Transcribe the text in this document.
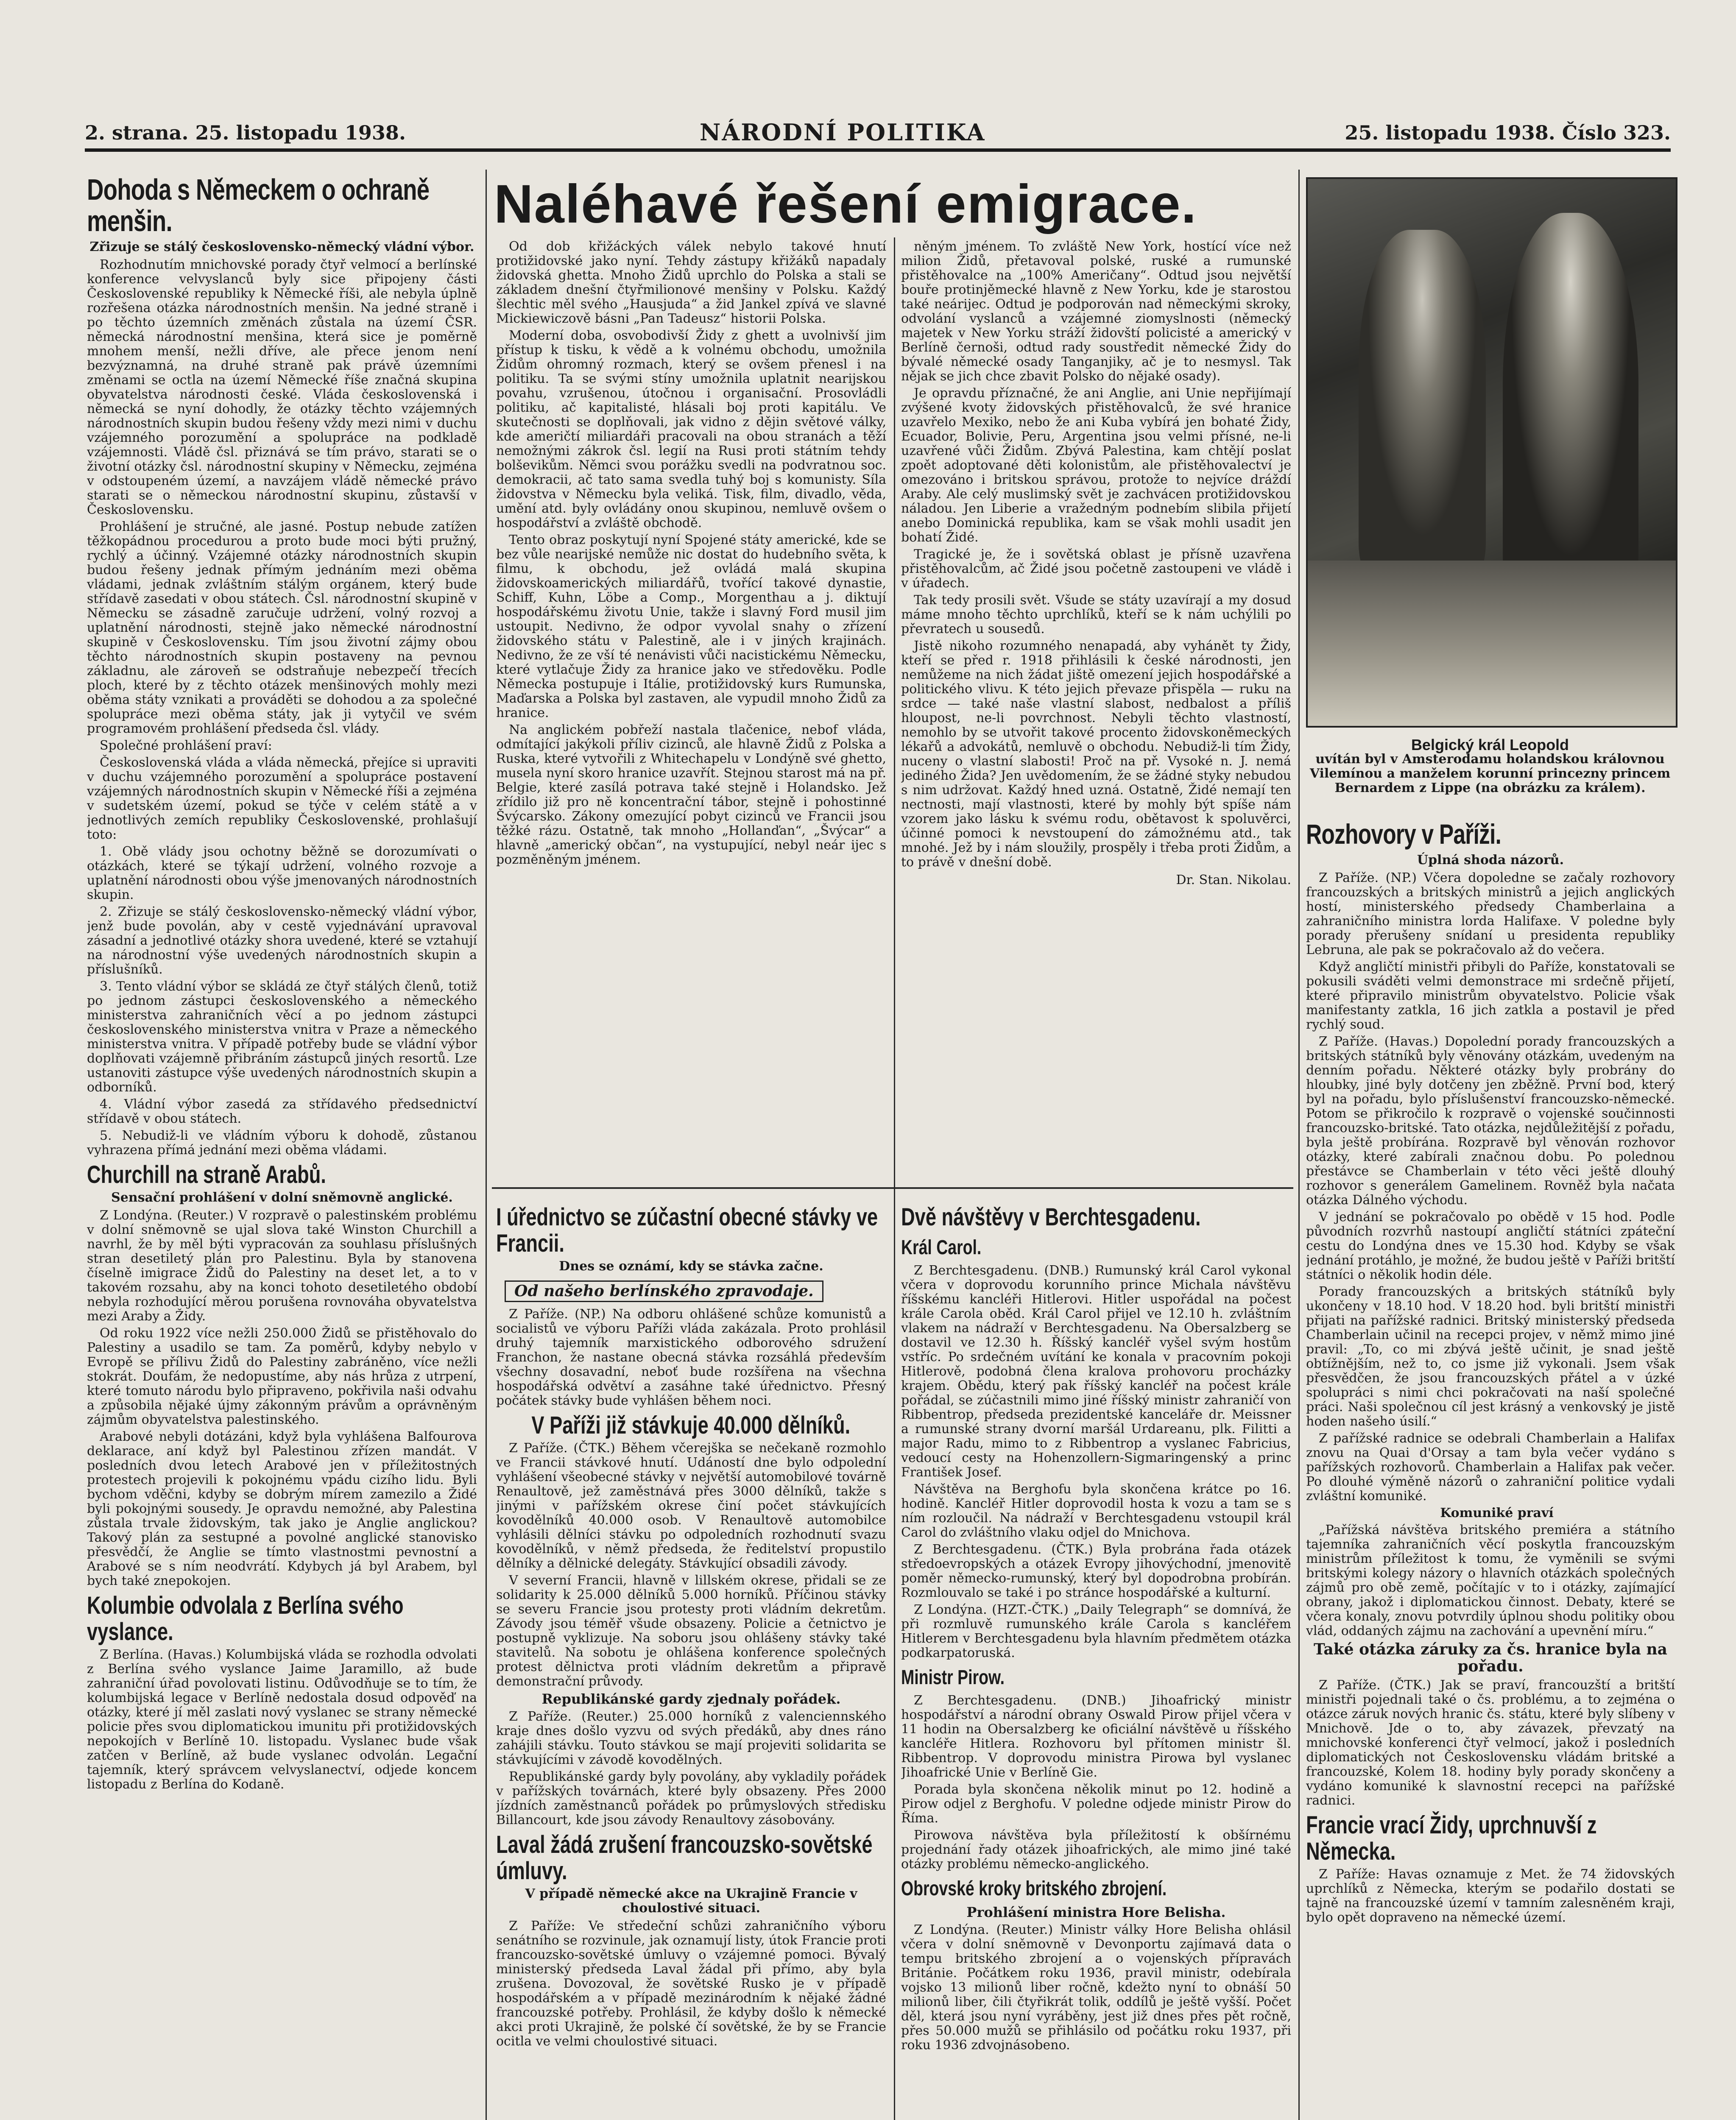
2. strana. 25. listopadu 1938.	NÁRODNÍ POLITIKA	25. listopadu 1938. Číslo 323.
Dohoda s Německem o ochraně menšin.
Zřizuje se stálý československo-německý vládní výbor.

Rozhodnutím mnichovské porady čtyř velmocí a berlínské konference velvyslanců byly sice připojeny části Československé republiky k Německé říši, ale nebyla úplně rozřešena otázka národnostních menšin. Na jedné straně i po těchto územních změnách zůstala na území ČSR. německá národnostní menšina, která sice je poměrně mnohem menší, nežli dříve, ale přece jenom není bezvýznamná, na druhé straně pak právě územními změnami se octla na území Německé říše značná skupina obyvatelstva národnosti české. Vláda československá i německá se nyní dohodly, že otázky těchto vzájemných národnostních skupin budou řešeny vždy mezi nimi v duchu vzájemného porozumění a spolupráce na podkladě vzájemnosti. Vládě čsl. přiznává se tím právo, starati se o životní otázky čsl. národnostní skupiny v Německu, zejména v odstoupeném území, a navzájem vládě německé právo starati se o německou národnostní skupinu, zůstavší v Československu.

Prohlášení je stručné, ale jasné. Postup nebude zatížen těžkopádnou procedurou a proto bude moci býti pružný, rychlý a účinný. Vzájemné otázky národnostních skupin budou řešeny jednak přímým jednáním mezi oběma vládami, jednak zvláštním stálým orgánem, který bude střídavě zasedati v obou státech. Čsl. národnostní skupině v Německu se zásadně zaručuje udržení, volný rozvoj a uplatnění národnosti, stejně jako německé národnostní skupině v Československu. Tím jsou životní zájmy obou těchto národnostních skupin postaveny na pevnou základnu, ale zároveň se odstraňuje nebezpečí třecích ploch, které by z těchto otázek menšinových mohly mezi oběma státy vznikati a prováděti se dohodou a za společné spolupráce mezi oběma státy, jak ji vytyčil ve svém programovém prohlášení předseda čsl. vlády.

Společné prohlášení praví:

Československá vláda a vláda německá, přejíce si upraviti v duchu vzájemného porozumění a spolupráce postavení vzájemných národnostních skupin v Německé říši a zejména v sudetském území, pokud se týče v celém státě a v jednotlivých zemích republiky Československé, prohlašují toto:

1. Obě vlády jsou ochotny běžně se dorozumívati o otázkách, které se týkají udržení, volného rozvoje a uplatnění národnosti obou výše jmenovaných národnostních skupin.

2. Zřizuje se stálý československo-německý vládní výbor, jenž bude povolán, aby v cestě vyjednávání upravoval zásadní a jednotlivé otázky shora uvedené, které se vztahují na národnostní výše uvedených národnostních skupin a příslušníků.

3. Tento vládní výbor se skládá ze čtyř stálých členů, totiž po jednom zástupci československého a německého ministerstva zahraničních věcí a po jednom zástupci československého ministerstva vnitra v Praze a německého ministerstva vnitra. V případě potřeby bude se vládní výbor doplňovati vzájemně přibráním zástupců jiných resortů. Lze ustanoviti zástupce výše uvedených národnostních skupin a odborníků.

4. Vládní výbor zasedá za střídavého předsednictví střídavě v obou státech.

5. Nebudiž-li ve vládním výboru k dohodě, zůstanou vyhrazena přímá jednání mezi oběma vládami.

Churchill na straně Arabů.
Sensační prohlášení v dolní sněmovně anglické.

Z Londýna. (Reuter.) V rozpravě o palestinském problému v dolní sněmovně se ujal slova také Winston Churchill a navrhl, že by měl býti vypracován za souhlasu příslušných stran desetiletý plán pro Palestinu. Byla by stanovena číselně imigrace Židů do Palestiny na deset let, a to v takovém rozsahu, aby na konci tohoto desetiletého období nebyla rozhodující měrou porušena rovnováha obyvatelstva mezi Araby a Židy.

Od roku 1922 více nežli 250.000 Židů se přistěhovalo do Palestiny a usadilo se tam. Za poměrů, kdyby nebylo v Evropě se přílivu Židů do Palestiny zabráněno, více nežli stokrát. Doufám, že nedopustíme, aby nás hrůza z utrpení, které tomuto národu bylo připraveno, pokřivila naši odvahu a způsobila nějaké újmy zákonným právům a oprávněným zájmům obyvatelstva palestinského.

Arabové nebyli dotázáni, když byla vyhlášena Balfourova deklarace, aní když byl Palestinou zřízen mandát. V posledních dvou letech Arabové jen v příležitostných protestech projevili k pokojnému vpádu cizího lidu. Byli bychom vděčni, kdyby se dobrým mírem zamezilo a Židé byli pokojnými sousedy. Je opravdu nemožné, aby Palestina zůstala trvale židovským, tak jako je Anglie anglickou? Takový plán za sestupné a povolné anglické stanovisko přesvědčí, že Anglie se tímto vlastnostmi pevnostní a Arabové se s ním neodvrátí. Kdybych já byl Arabem, byl bych také znepokojen.

Kolumbie odvolala z Berlína svého vyslance.

Z Berlína. (Havas.) Kolumbijská vláda se rozhodla odvolati z Berlína svého vyslance Jaime Jaramillo, až bude zahraniční úřad povolovati listinu. Odůvodňuje se to tím, že kolumbijská legace v Berlíně nedostala dosud odpověď na otázky, které jí měl zaslati nový vyslanec se strany německé policie přes svou diplomatickou imunitu při protižidovských nepokojích v Berlíně 10. listopadu. Vyslanec bude však zatčen v Berlíně, až bude vyslanec odvolán. Legační tajemník, který správcem velvyslanectví, odjede koncem listopadu z Berlína do Kodaně.

Naléhavé řešení emigrace.

Od dob křižáckých válek nebylo takové hnutí protižidovské jako nyní. Tehdy zástupy křižáků napadaly židovská ghetta. Mnoho Židů uprchlo do Polska a stali se základem dnešní čtyřmilionové menšiny v Polsku. Každý šlechtic měl svého „Hausjuda“ a žid Jankel zpívá ve slavné Mickiewiczově básni „Pan Tadeusz“ historii Polska.

Moderní doba, osvobodivší Židy z ghett a uvolnivší jim přístup k tisku, k vědě a k volnému obchodu, umožnila Židům ohromný rozmach, který se ovšem přenesl i na politiku. Ta se svými stíny umožnila uplatnit nearijskou povahu, vzrušenou, útočnou i organisační. Prosovládli politiku, ač kapitalisté, hlásali boj proti kapitálu. Ve skutečnosti se doplňovali, jak vidno z dějin světové války, kde američtí miliardáři pracovali na obou stranách a těží nemožnými zákrok čsl. legií na Rusi proti státním tehdy bolševikům. Němci svou porážku svedli na podvratnou soc. demokracii, ač tato sama svedla tuhý boj s komunisty. Síla židovstva v Německu byla veliká. Tisk, film, divadlo, věda, umění atd. byly ovládány onou skupinou, nemluvě ovšem o hospodářství a zvláště obchodě.

Tento obraz poskytují nyní Spojené státy americké, kde se bez vůle nearijské nemůže nic dostat do hudebního světa, k filmu, k obchodu, jež ovládá malá skupina židovskoamerických miliardářů, tvořící takové dynastie, Schiff, Kuhn, Löbe a Comp., Morgenthau a j. diktují hospodářskému životu Unie, takže i slavný Ford musil jim ustoupit. Nedivno, že odpor vyvolal snahy o zřízení židovského státu v Palestině, ale i v jiných krajinách. Nedivno, že ze vší té nenávisti vůči nacistickému Německu, které vytlačuje Židy za hranice jako ve středověku. Podle Německa postupuje i Itálie, protižidovský kurs Rumunska, Maďarska a Polska byl zastaven, ale vypudil mnoho Židů za hranice.

Na anglickém pobřeží nastala tlačenice, nebof vláda, odmítající jakýkoli příliv cizinců, ale hlavně Židů z Polska a Ruska, které vytvořili z Whitechapelu v Londýně své ghetto, musela nyní skoro hranice uzavřít. Stejnou starost má na př. Belgie, které zasílá potrava také stejně i Holandsko. Jež zřídilo již pro ně koncentrační tábor, stejně i pohostinné Švýcarsko. Zákony omezující pobyt cizinců ve Francii jsou těžké rázu. Ostatně, tak mnoho „Hollanďan“, „Švýcar“ a hlavně „americký občan“, na vystupující, nebyl neár ijec s pozměněným jménem.

něným jménem. To zvláště New York, hostící více než milion Židů, přetavoval polské, ruské a rumunské přistěhovalce na „100% Američany“. Odtud jsou největší bouře protinjěmecké hlavně z New Yorku, kde je starostou také neárijec. Odtud je podporován nad německými skroky, odvolání vyslanců a vzájemné ziomyslnosti (německý majetek v New Yorku stráží židovští policisté a americký v Berlíně černoši, odtud rady soustředit německé Židy do bývalé německé osady Tanganjiky, ač je to nesmysl. Tak nějak se jich chce zbavit Polsko do nějaké osady).

Je opravdu příznačné, že ani Anglie, ani Unie nepřijímají zvýšené kvoty židovských přistěhovalců, že své hranice uzavřelo Mexiko, nebo že ani Kuba vybírá jen bohaté Židy, Ecuador, Bolivie, Peru, Argentina jsou velmi přísné, ne-li uzavřené vůči Židům. Zbývá Palestina, kam chtějí poslat zpoět adoptované děti kolonistům, ale přistěhovalectví je omezováno i britskou správou, protože to nejvíce dráždí Araby. Ale celý muslimský svět je zachvácen protižidovskou náladou. Jen Liberie a vražedným podnebím slibila přijetí anebo Dominická republika, kam se však mohli usadit jen bohatí Židé.

Tragické je, že i sovětská oblast je přísně uzavřena přistěhovalcům, ač Židé jsou početně zastoupeni ve vládě i v úřadech.

Tak tedy prosili svět. Všude se státy uzavírají a my dosud máme mnoho těchto uprchlíků, kteří se k nám uchýlili po převratech u sousedů.

Jistě nikoho rozumného nenapadá, aby vyhánět ty Židy, kteří se před r. 1918 přihlásili k české národnosti, jen nemůžeme na nich žádat jiště omezení jejich hospodářské a politického vlivu. K této jejich převaze přispěla — ruku na srdce — také naše vlastní slabost, nedbalost a příliš hloupost, ne-li povrchnost. Nebyli těchto vlastností, nemohlo by se utvořit takové procento židovskoněmeckých lékařů a advokátů, nemluvě o obchodu. Nebudiž-li tím Židy, nuceny o vlastní slabosti! Proč na př. Vysoké n. J. nemá jediného Žida? Jen uvědomením, že se žádné styky nebudou s nim udržovat. Každý hned uzná. Ostatně, Židé nemají ten nectnosti, mají vlastnosti, které by mohly být spíše nám vzorem jako lásku k svému rodu, obětavost k spoluvěrci, účinné pomoci k nevstoupení do zámožnému atd., tak mnohé. Jež by i nám sloužily, prospěly i třeba proti Židům, a to právě v dnešní době.

Dr. Stan. Nikolau.
I úřednictvo se zúčastní obecné stávky ve Francii.
Dnes se oznámí, kdy se stávka začne.
Od našeho berlínského zpravodaje.

Z Paříže. (NP.) Na odboru ohlášené schůze komunistů a socialistů ve výboru Paříži vláda zakázala. Proto prohlásil druhý tajemník marxistického odborového sdružení Franchon, že nastane obecná stávka rozsáhlá především všechny dosavadní, neboť bude rozšířena na všechna hospodářská odvětví a zasáhne také úřednictvo. Přesný počátek stávky bude vyhlášen během noci.

V Paříži již stávkuje 40.000 dělníků.

Z Paříže. (ČTK.) Během včerejška se nečekaně rozmohlo ve Francii stávkové hnutí. Udáností dne bylo odpolední vyhlášení všeobecné stávky v největší automobilové továrně Renaultově, jež zaměstnává přes 3000 dělníků, takže s jinými v pařížském okrese činí počet stávkujících kovodělníků 40.000 osob. V Renaultově automobilce vyhlásili dělníci stávku po odpoledních rozhodnutí svazu kovodělníků, v němž předseda, že ředitelství propustilo dělníky a dělnické delegáty. Stávkující obsadili závody.

V severní Francii, hlavně v lillském okrese, přidali se ze solidarity k 25.000 dělníků 5.000 horníků. Příčinou stávky se severu Francie jsou protesty proti vládním dekretům. Závody jsou téměř všude obsazeny. Policie a četnictvo je postupně vyklizuje. Na soboru jsou ohlášeny stávky také stavitelů. Na sobotu je ohlášena konference společných protest dělnictva proti vládním dekretům a připravě demonstrační průvody.

Republikánské gardy zjednaly pořádek.

Z Paříže. (Reuter.) 25.000 horníků z valenciennského kraje dnes došlo vyzvu od svých předáků, aby dnes ráno zahájili stávku. Touto stávkou se mají projeviti solidarita se stávkujícími v závodě kovodělných.

Republikánské gardy byly povolány, aby vykladily pořádek v pařížských továrnách, které byly obsazeny. Přes 2000 jízdních zaměstnanců pořádek po průmyslových středisku Billancourt, kde jsou závody Renaultovy zásobovány.

Laval žádá zrušení francouzsko-sovětské úmluvy.
V případě německé akce na Ukrajině Francie v choulostivé situaci.

Z Paříže: Ve středeční schůzi zahraničního výboru senátního se rozvinule, jak oznamují listy, útok Francie proti francouzsko-sovětské úmluvy o vzájemné pomoci. Bývalý ministerský předseda Laval žádal při přímo, aby byla zrušena. Dovozoval, že sovětské Rusko je v případě hospodářském a v případě mezinárodním k nějaké žádné francouzské potřeby. Prohlásil, že kdyby došlo k německé akci proti Ukrajině, že polské čí sovětské, že by se Francie ocitla ve velmi choulostivé situaci.

Dvě návštěvy v Berchtesgadenu.
Král Carol.

Z Berchtesgadenu. (DNB.) Rumunský král Carol vykonal včera v doprovodu korunního prince Michala návštěvu říšskému kancléři Hitlerovi. Hitler uspořádal na počest krále Carola oběd. Král Carol přijel ve 12.10 h. zvláštním vlakem na nádraží v Berchtesgadenu. Na Obersalzberg se dostavil ve 12.30 h. Říšský kancléř vyšel svým hostům vstříc. Po srdečném uvítání ke konala v pracovním pokoji Hitlerově, podobná člena kralova prohovoru procházky krajem. Obědu, který pak říšský kancléř na počest krále pořádal, se zúčastnili mimo jiné říšský ministr zahraničí von Ribbentrop, předseda prezidentské kanceláře dr. Meissner a rumunské strany dvorní maršál Urdareanu, plk. Filitti a major Radu, mimo to z Ribbentrop a vyslanec Fabricius, vedoucí cesty na Hohenzollern-Sigmaringenský a princ František Josef.

Návštěva na Berghofu byla skončena krátce po 16. hodině. Kancléř Hitler doprovodil hosta k vozu a tam se s ním rozloučil. Na nádraží v Berchtesgadenu vstoupil král Carol do zvláštního vlaku odjel do Mnichova.

Z Berchtesgadenu. (ČTK.) Byla probrána řada otázek středoevropských a otázek Evropy jihovýchodní, jmenovitě poměr německo-rumunský, který byl dopodrobna probírán. Rozmlouvalo se také i po stránce hospodářské a kulturní.

Z Londýna. (HZT.-ČTK.) „Daily Telegraph“ se domnívá, že při rozmluvě rumunského krále Carola s kancléřem Hitlerem v Berchtesgadenu byla hlavním předmětem otázka podkarpatoruská.

Ministr Pirow.

Z Berchtesgadenu. (DNB.) Jihoafrický ministr hospodářství a národní obrany Oswald Pirow přijel včera v 11 hodin na Obersalzberg ke oficiální návštěvě u říšského kancléře Hitlera. Rozhovoru byl přítomen ministr šl. Ribbentrop. V doprovodu ministra Pirowa byl vyslanec Jihoafrické Unie v Berlíně Gie.

Porada byla skončena několik minut po 12. hodině a Pirow odjel z Berghofu. V poledne odjede ministr Pirow do Říma.

Pirowova návštěva byla příležitostí k obšírnému projednání řady otázek jihoafrických, ale mimo jiné také otázky problému německo-anglického.

Obrovské kroky britského zbrojení.
Prohlášení ministra Hore Belisha.

Z Londýna. (Reuter.) Ministr války Hore Belisha ohlásil včera v dolní sněmovně v Devonportu zajímavá data o tempu britského zbrojení a o vojenských přípravách Británie. Počátkem roku 1936, pravil ministr, odebírala vojsko 13 milionů liber ročně, kdežto nyní to obnáší 50 milionů liber, čili čtyřikrát tolik, oddílů je ještě vyšší. Počet děl, která jsou nyní vyráběny, jest již dnes přes pět ročně, přes 50.000 mužů se přihlásilo od počátku roku 1937, při roku 1936 zdvojnásobeno.

Belgický král Leopold
uvítán byl v Amsterodamu holandskou královnou Vilemínou a manželem korunní princezny princem Bernardem z Lippe (na obrázku za králem).
Rozhovory v Paříži.
Úplná shoda názorů.

Z Paříže. (NP.) Včera dopoledne se začaly rozhovory francouzských a britských ministrů a jejich anglických hostí, ministerského předsedy Chamberlaina a zahraničního ministra lorda Halifaxe. V poledne byly porady přerušeny snídaní u presidenta republiky Lebruna, ale pak se pokračovalo až do večera.

Když angličtí ministři přibyli do Paříže, konstatovali se pokusili sváděti velmi demonstrace mi srdečně přijetí, které připravilo ministrům obyvatelstvo. Policie však manifestanty zatkla, 16 jich zatkla a postavil je před rychlý soud.

Z Paříže. (Havas.) Dopolední porady francouzských a britských státníků byly věnovány otázkám, uvedeným na denním pořadu. Některé otázky byly probrány do hloubky, jiné byly dotčeny jen zběžně. První bod, který byl na pořadu, bylo příslušenství francouzsko-německé. Potom se přikročilo k rozpravě o vojenské součinnosti francouzsko-britské. Tato otázka, nejdůležitější z pořadu, byla ještě probírána. Rozpravě byl věnován rozhovor otázky, které zabírali značnou dobu. Po polednou přestávce se Chamberlain v této věci ještě dlouhý rozhovor s generálem Gamelinem. Rovněž byla načata otázka Dálného východu.

V jednání se pokračovalo po obědě v 15 hod. Podle původních rozvrhů nastoupí angličtí státníci zpáteční cestu do Londýna dnes ve 15.30 hod. Kdyby se však jednání protáhlo, je možné, že budou ještě v Paříži britští státníci o několik hodin déle.

Porady francouzských a britských státníků byly ukončeny v 18.10 hod. V 18.20 hod. byli britští ministři přijati na pařížské radnici. Britský ministerský předseda Chamberlain učinil na recepci projev, v němž mimo jiné pravil: „To, co mi zbývá ještě učinit, je snad ještě obtížnějším, než to, co jsme již vykonali. Jsem však přesvědčen, že jsou francouzských přátel a v úzké spolupráci s nimi chci pokračovati na naší společné práci. Naši společnou cíl jest krásný a venkovský je jistě hoden našeho úsilí.“

Z pařížské radnice se odebrali Chamberlain a Halifax znovu na Quai d'Orsay a tam byla večer vydáno s pařížských rozhovorů. Chamberlain a Halifax pak večer. Po dlouhé výměně názorů o zahraniční politice vydali zvláštní komuniké.

Komuniké praví

„Pařížská návštěva britského premiéra a státního tajemníka zahraničních věcí poskytla francouzským ministrům příležitost k tomu, že vyměnili se svými britskými kolegy názory o hlavních otázkách společných zájmů pro obě země, počítajíc v to i otázky, zajímající obrany, jakož i diplomatickou činnost. Debaty, které se včera konaly, znovu potvrdily úplnou shodu politiky obou vlád, oddaných zájmu na zachování a upevnění míru.“

Také otázka záruky za čs. hranice byla na pořadu.

Z Paříže. (ČTK.) Jak se praví, francouzští a britští ministři pojednali také o čs. problému, a to zejména o otázce záruk nových hranic čs. státu, které byly slíbeny v Mnichově. Jde o to, aby závazek, převzatý na mnichovské konferenci čtyř velmocí, jakož i posledních diplomatických not Československu vládám britské a francouzské, Kolem 18. hodiny byly porady skončeny a vydáno komuniké k slavnostní recepci na pařížské radnici.

Francie vrací Židy, uprchnuvší z Německa.

Z Paříže: Havas oznamuje z Met. že 74 židovských uprchlíků z Německa, kterým se podařilo dostati se tajně na francouzské území v tamním zalesněném kraji, bylo opět dopraveno na německé území.
